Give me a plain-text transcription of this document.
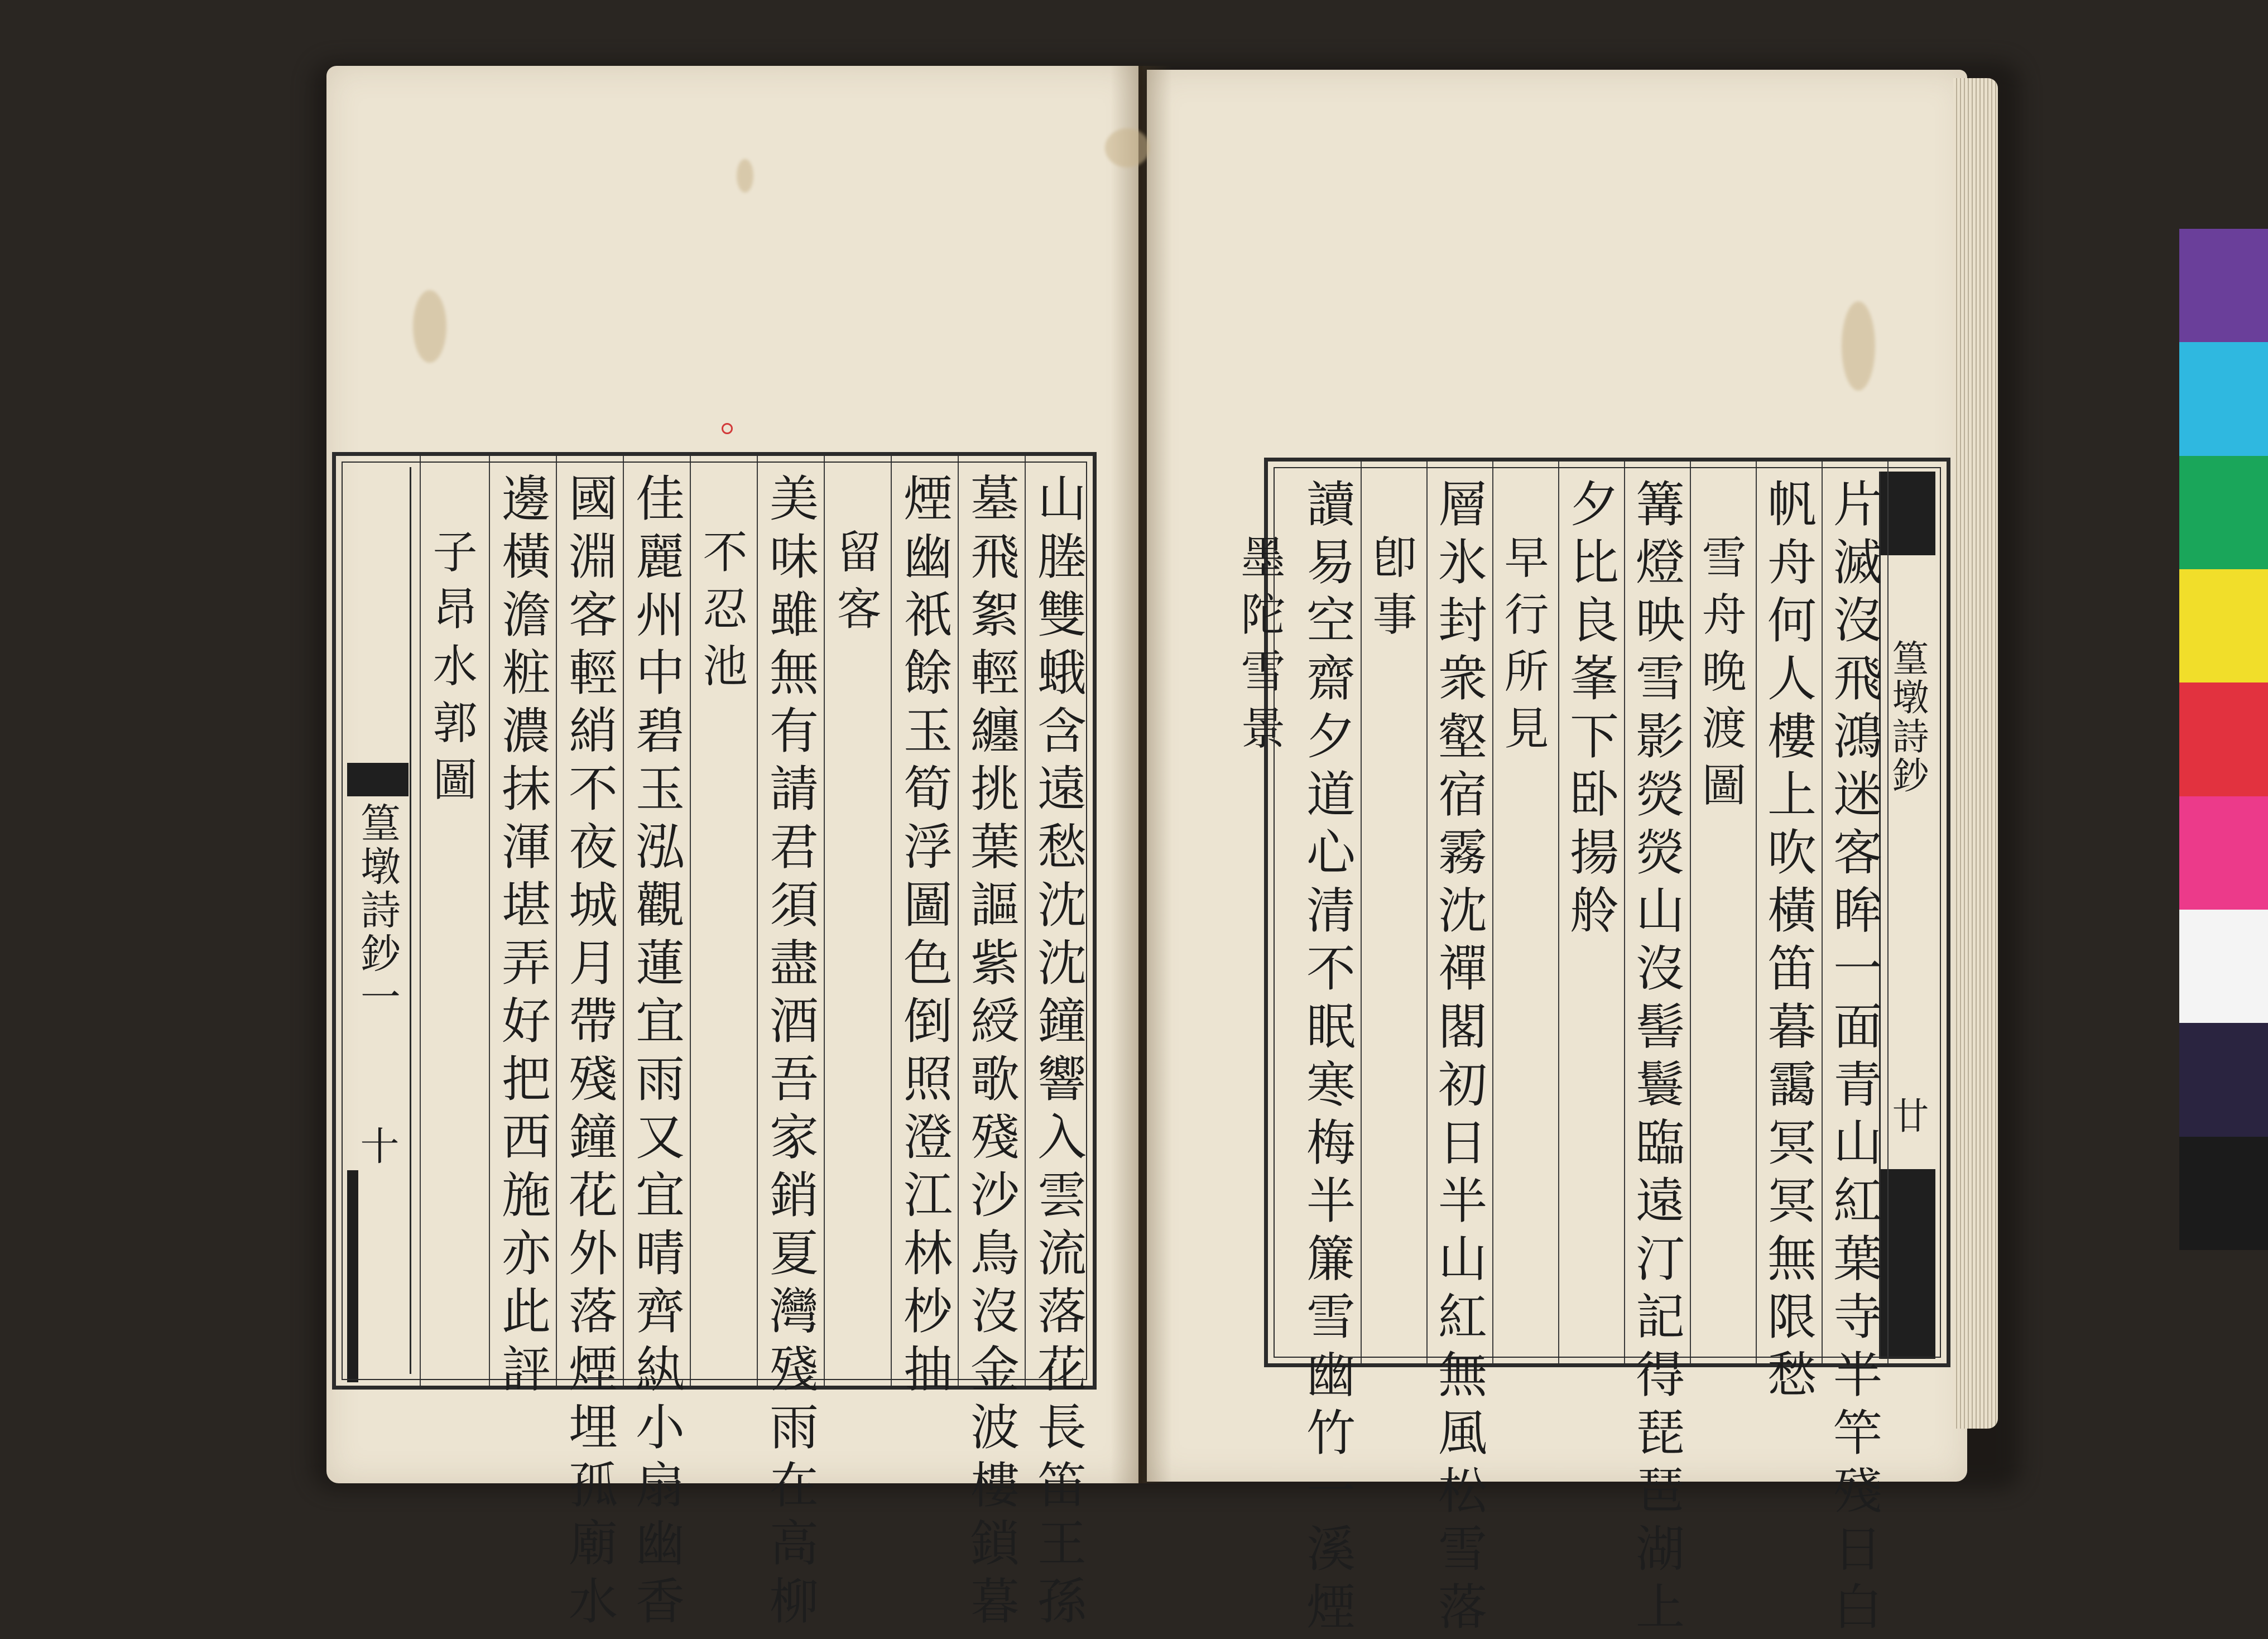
篁墩詩鈔一
十	山塍雙蛾含遠愁沈沈鐘響入雲流落花長笛王孫
墓飛絮輕纏挑葉謳紫綬歌殘沙鳥沒金波樓鎖暮
煙幽衹餘玉筍浮圖色倒照澄江林杪抽
留客
美味雖無有請君須盡酒吾家銷夏灣殘雨在高柳
不忍池
佳麗州中碧玉泓觀蓮宜雨又宜晴齊紈小扇幽香
國淵客輕綃不夜城月帶殘鐘花外落煙埋孤廟水
邊橫澹粧濃抹渾堪弄好把西施亦此評
子昂水郭圖	篁墩詩鈔
廿
片滅沒飛鴻迷客眸一面青山紅葉寺半竿殘日白
帆舟何人樓上吹橫笛暮靄冥冥無限愁
雪舟晚渡圖
篝燈映雪影熒熒山沒髻鬟臨遠汀記得琵琶湖上
夕比良峯下卧揚舲
早行所見
層氷封衆壑宿霧沈禪閣初日半山紅無風松雪落
卽事
讀易空齋夕道心清不眠寒梅半簾雪幽竹一溪煙
墨陀雪景
